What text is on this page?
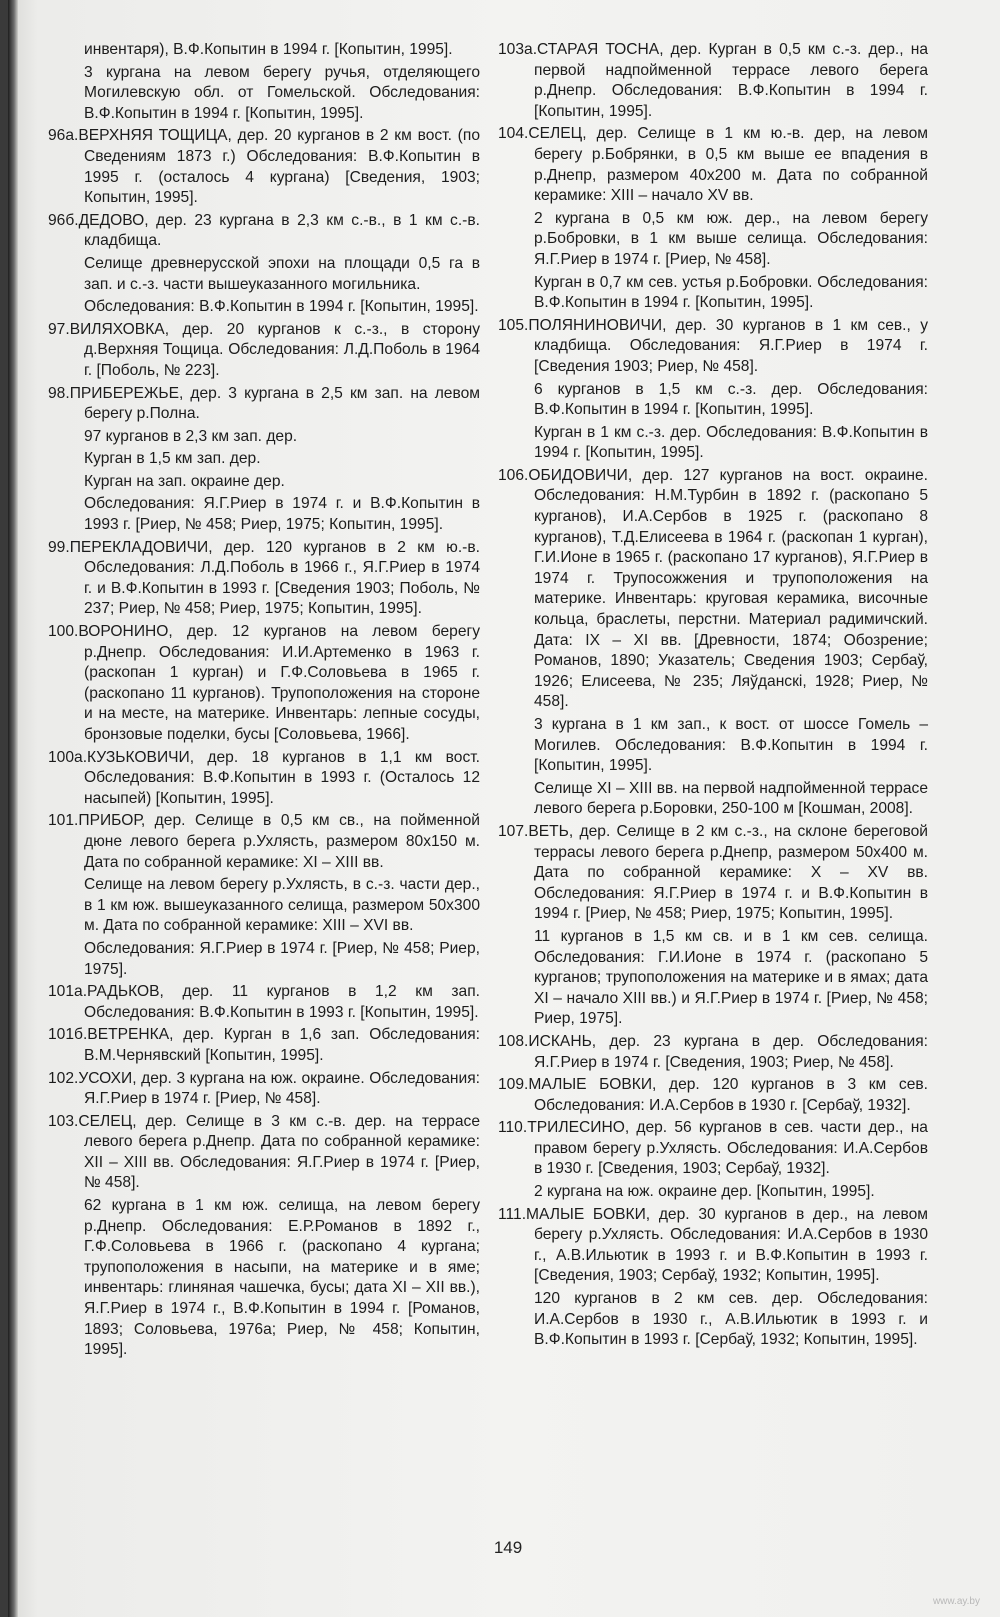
инвентаря), В.Ф.Копытин в 1994 г. [Копытин, 1995].
3 кургана на левом берегу ручья, отделяющего Могилевскую обл. от Гомельской. Обследования: В.Ф.Копытин в 1994 г. [Копытин, 1995].
96а.ВЕРХНЯЯ ТОЩИЦА, дер. 20 курганов в 2 км вост. (по Сведениям 1873 г.) Обследования: В.Ф.Копытин в 1995 г. (осталось 4 кургана) [Сведения, 1903; Копытин, 1995].
96б.ДЕДОВО, дер. 23 кургана в 2,3 км с.-в., в 1 км с.-в. кладбища.
Селище древнерусской эпохи на площади 0,5 га в зап. и с.-з. части вышеуказанного могильника.
Обследования: В.Ф.Копытин в 1994 г. [Копытин, 1995].
97.ВИЛЯХОВКА, дер. 20 курганов к с.-з., в сторону д.Верхняя Тощица. Обследования: Л.Д.Поболь в 1964 г. [Поболь, № 223].
98.ПРИБЕРЕЖЬЕ, дер. 3 кургана в 2,5 км зап. на левом берегу р.Полна.
97 курганов в 2,3 км зап. дер.
Курган в 1,5 км зап. дер.
Курган на зап. окраине дер.
Обследования: Я.Г.Риер в 1974 г. и В.Ф.Копытин в 1993 г. [Риер, № 458; Риер, 1975; Копытин, 1995].
99.ПЕРЕКЛАДОВИЧИ, дер. 120 курганов в 2 км ю.-в. Обследования: Л.Д.Поболь в 1966 г., Я.Г.Риер в 1974 г. и В.Ф.Копытин в 1993 г. [Сведения 1903; Поболь, № 237; Риер, № 458; Риер, 1975; Копытин, 1995].
100.ВОРОНИНО, дер. 12 курганов на левом берегу р.Днепр. Обследования: И.И.Артеменко в 1963 г. (раскопан 1 курган) и Г.Ф.Соловьева в 1965 г. (раскопано 11 курганов). Трупоположения на стороне и на месте, на материке. Инвентарь: лепные сосуды, бронзовые поделки, бусы [Соловьева, 1966].
100а.КУЗЬКОВИЧИ, дер. 18 курганов в 1,1 км вост. Обследования: В.Ф.Копытин в 1993 г. (Осталось 12 насыпей) [Копытин, 1995].
101.ПРИБОР, дер. Селище в 0,5 км св., на пойменной дюне левого берега р.Ухлясть, размером 80х150 м. Дата по собранной керамике: XI – XIII вв.
Селище на левом берегу р.Ухлясть, в с.-з. части дер., в 1 км юж. вышеуказанного селища, размером 50х300 м. Дата по собранной керамике: XIII – XVI вв.
Обследования: Я.Г.Риер в 1974 г. [Риер, № 458; Риер, 1975].
101а.РАДЬКОВ, дер. 11 курганов в 1,2 км зап. Обследования: В.Ф.Копытин в 1993 г. [Копытин, 1995].
101б.ВЕТРЕНКА, дер. Курган в 1,6 зап. Обследования: В.М.Чернявский [Копытин, 1995].
102.УСОХИ, дер. 3 кургана на юж. окраине. Обследования: Я.Г.Риер в 1974 г. [Риер, № 458].
103.СЕЛЕЦ, дер. Селище в 3 км с.-в. дер. на террасе левого берега р.Днепр. Дата по собранной керамике: XII – XIII вв. Обследования: Я.Г.Риер в 1974 г. [Риер, № 458].
62 кургана в 1 км юж. селища, на левом берегу р.Днепр. Обследования: Е.Р.Романов в 1892 г., Г.Ф.Соловьева в 1966 г. (раскопано 4 кургана; трупоположения в насыпи, на материке и в яме; инвентарь: глиняная чашечка, бусы; дата XI – XII вв.), Я.Г.Риер в 1974 г., В.Ф.Копытин в 1994 г. [Романов, 1893; Соловьева, 1976а; Риер, № 458; Копытин, 1995].
103а.СТАРАЯ ТОСНА, дер. Курган в 0,5 км с.-з. дер., на первой надпойменной террасе левого берега р.Днепр. Обследования: В.Ф.Копытин в 1994 г. [Копытин, 1995].
104.СЕЛЕЦ, дер. Селище в 1 км ю.-в. дер, на левом берегу р.Бобрянки, в 0,5 км выше ее впадения в р.Днепр, размером 40х200 м. Дата по собранной керамике: XIII – начало XV вв.
2 кургана в 0,5 км юж. дер., на левом берегу р.Бобровки, в 1 км выше селища. Обследования: Я.Г.Риер в 1974 г. [Риер, № 458].
Курган в 0,7 км сев. устья р.Бобровки. Обследования: В.Ф.Копытин в 1994 г. [Копытин, 1995].
105.ПОЛЯНИНОВИЧИ, дер. 30 курганов в 1 км сев., у кладбища. Обследования: Я.Г.Риер в 1974 г. [Сведения 1903; Риер, № 458].
6 курганов в 1,5 км с.-з. дер. Обследования: В.Ф.Копытин в 1994 г. [Копытин, 1995].
Курган в 1 км с.-з. дер. Обследования: В.Ф.Копытин в 1994 г. [Копытин, 1995].
106.ОБИДОВИЧИ, дер. 127 курганов на вост. окраине. Обследования: Н.М.Турбин в 1892 г. (раскопано 5 курганов), И.А.Сербов в 1925 г. (раскопано 8 курганов), Т.Д.Елисеева в 1964 г. (раскопан 1 курган), Г.И.Ионе в 1965 г. (раскопано 17 курганов), Я.Г.Риер в 1974 г. Трупосожжения и трупоположения на материке. Инвентарь: круговая керамика, височные кольца, браслеты, перстни. Материал радимичский. Дата: IX – XI вв. [Древности, 1874; Обозрение; Романов, 1890; Указатель; Сведения 1903; Сербаў, 1926; Елисеева, № 235; Ляўданскі, 1928; Риер, № 458].
3 кургана в 1 км зап., к вост. от шоссе Гомель – Могилев. Обследования: В.Ф.Копытин в 1994 г. [Копытин, 1995].
Селище XI – XIII вв. на первой надпойменной террасе левого берега р.Боровки, 250-100 м [Кошман, 2008].
107.ВЕТЬ, дер. Селище в 2 км с.-з., на склоне береговой террасы левого берега р.Днепр, размером 50х400 м. Дата по собранной керамике: X – XV вв. Обследования: Я.Г.Риер в 1974 г. и В.Ф.Копытин в 1994 г. [Риер, № 458; Риер, 1975; Копытин, 1995].
11 курганов в 1,5 км св. и в 1 км сев. селища. Обследования: Г.И.Ионе в 1974 г. (раскопано 5 курганов; трупоположения на материке и в ямах; дата XI – начало XIII вв.) и Я.Г.Риер в 1974 г. [Риер, № 458; Риер, 1975].
108.ИСКАНЬ, дер. 23 кургана в дер. Обследования: Я.Г.Риер в 1974 г. [Сведения, 1903; Риер, № 458].
109.МАЛЫЕ БОВКИ, дер. 120 курганов в 3 км сев. Обследования: И.А.Сербов в 1930 г. [Сербаў, 1932].
110.ТРИЛЕСИНО, дер. 56 курганов в сев. части дер., на правом берегу р.Ухлясть. Обследования: И.А.Сербов в 1930 г. [Сведения, 1903; Сербаў, 1932].
2 кургана на юж. окраине дер. [Копытин, 1995].
111.МАЛЫЕ БОВКИ, дер. 30 курганов в дер., на левом берегу р.Ухлясть. Обследования: И.А.Сербов в 1930 г., А.В.Ильютик в 1993 г. и В.Ф.Копытин в 1993 г. [Сведения, 1903; Сербаў, 1932; Копытин, 1995].
120 курганов в 2 км сев. дер. Обследования: И.А.Сербов в 1930 г., А.В.Ильютик в 1993 г. и В.Ф.Копытин в 1993 г. [Сербаў, 1932; Копытин, 1995].
149
www.ay.by
